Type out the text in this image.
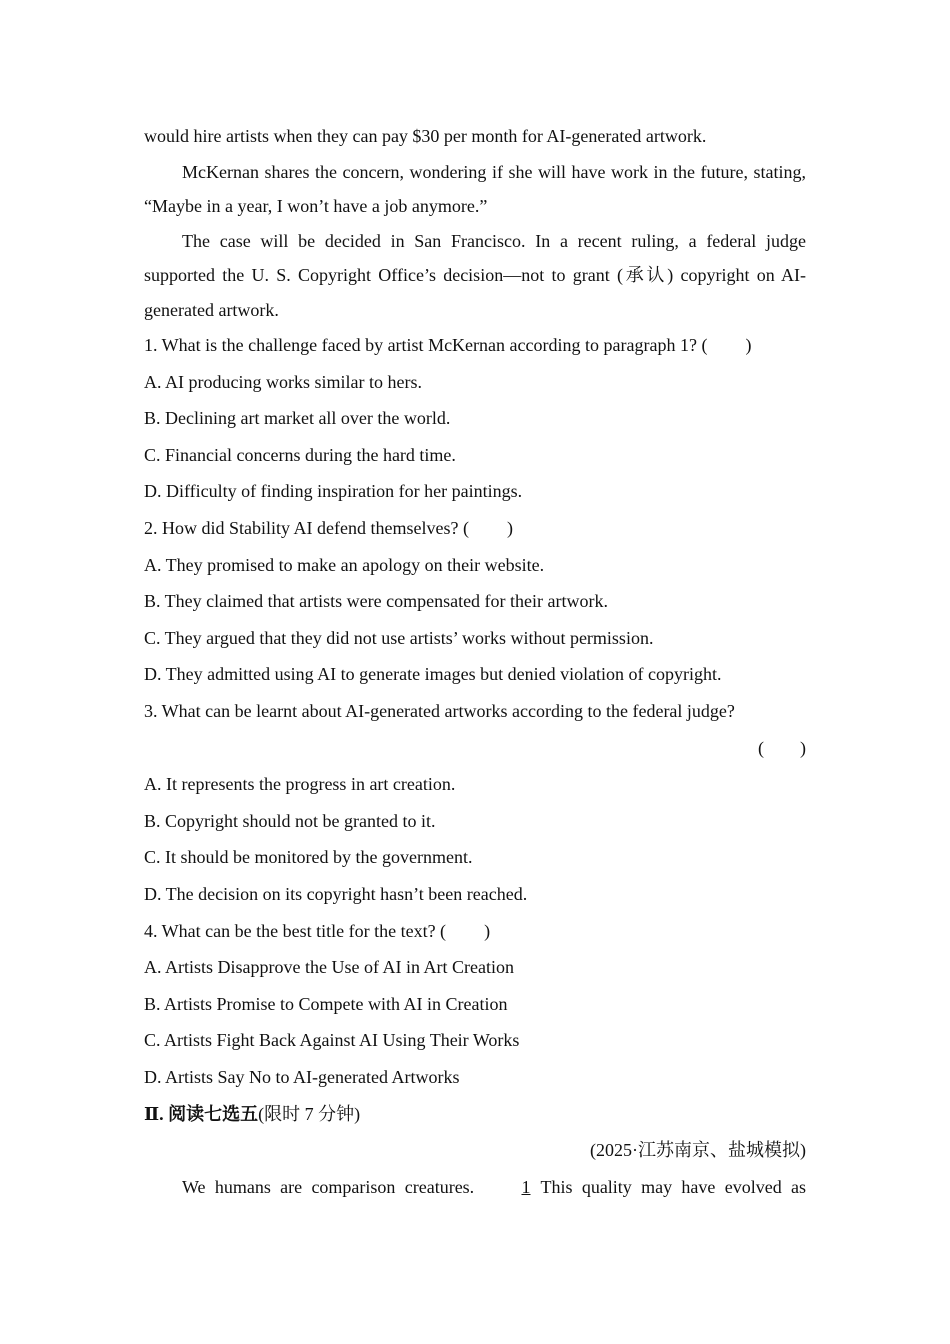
would hire artists when they can pay $30 per month for AI-generated artwork.
McKernan shares the concern, wondering if she will have work in the future, stating, “Maybe in a year, I won’t have a job anymore.”
The case will be decided in San Francisco. In a recent ruling, a federal judge supported the U. S. Copyright Office’s decision—not to grant (承认) copyright on AI-generated artwork.
1. What is the challenge faced by artist McKernan according to paragraph 1? ( )
A. AI producing works similar to hers.
B. Declining art market all over the world.
C. Financial concerns during the hard time.
D. Difficulty of finding inspiration for her paintings.
2. How did Stability AI defend themselves? ( )
A. They promised to make an apology on their website.
B. They claimed that artists were compensated for their artwork.
C. They argued that they did not use artists’ works without permission.
D. They admitted using AI to generate images but denied violation of copyright.
3. What can be learnt about AI-generated artworks according to the federal judge?
(　　)
A. It represents the progress in art creation.
B. Copyright should not be granted to it.
C. It should be monitored by the government.
D. The decision on its copyright hasn’t been reached.
4. What can be the best title for the text? ( )
A. Artists Disapprove the Use of AI in Art Creation
B. Artists Promise to Compete with AI in Creation
C. Artists Fight Back Against AI Using Their Works
D. Artists Say No to AI-generated Artworks
Ⅱ. 阅读七选五(限时 7 分钟)
(2025·江苏南京、盐城模拟)
We humans are comparison creatures.	1 This quality may have evolved as
